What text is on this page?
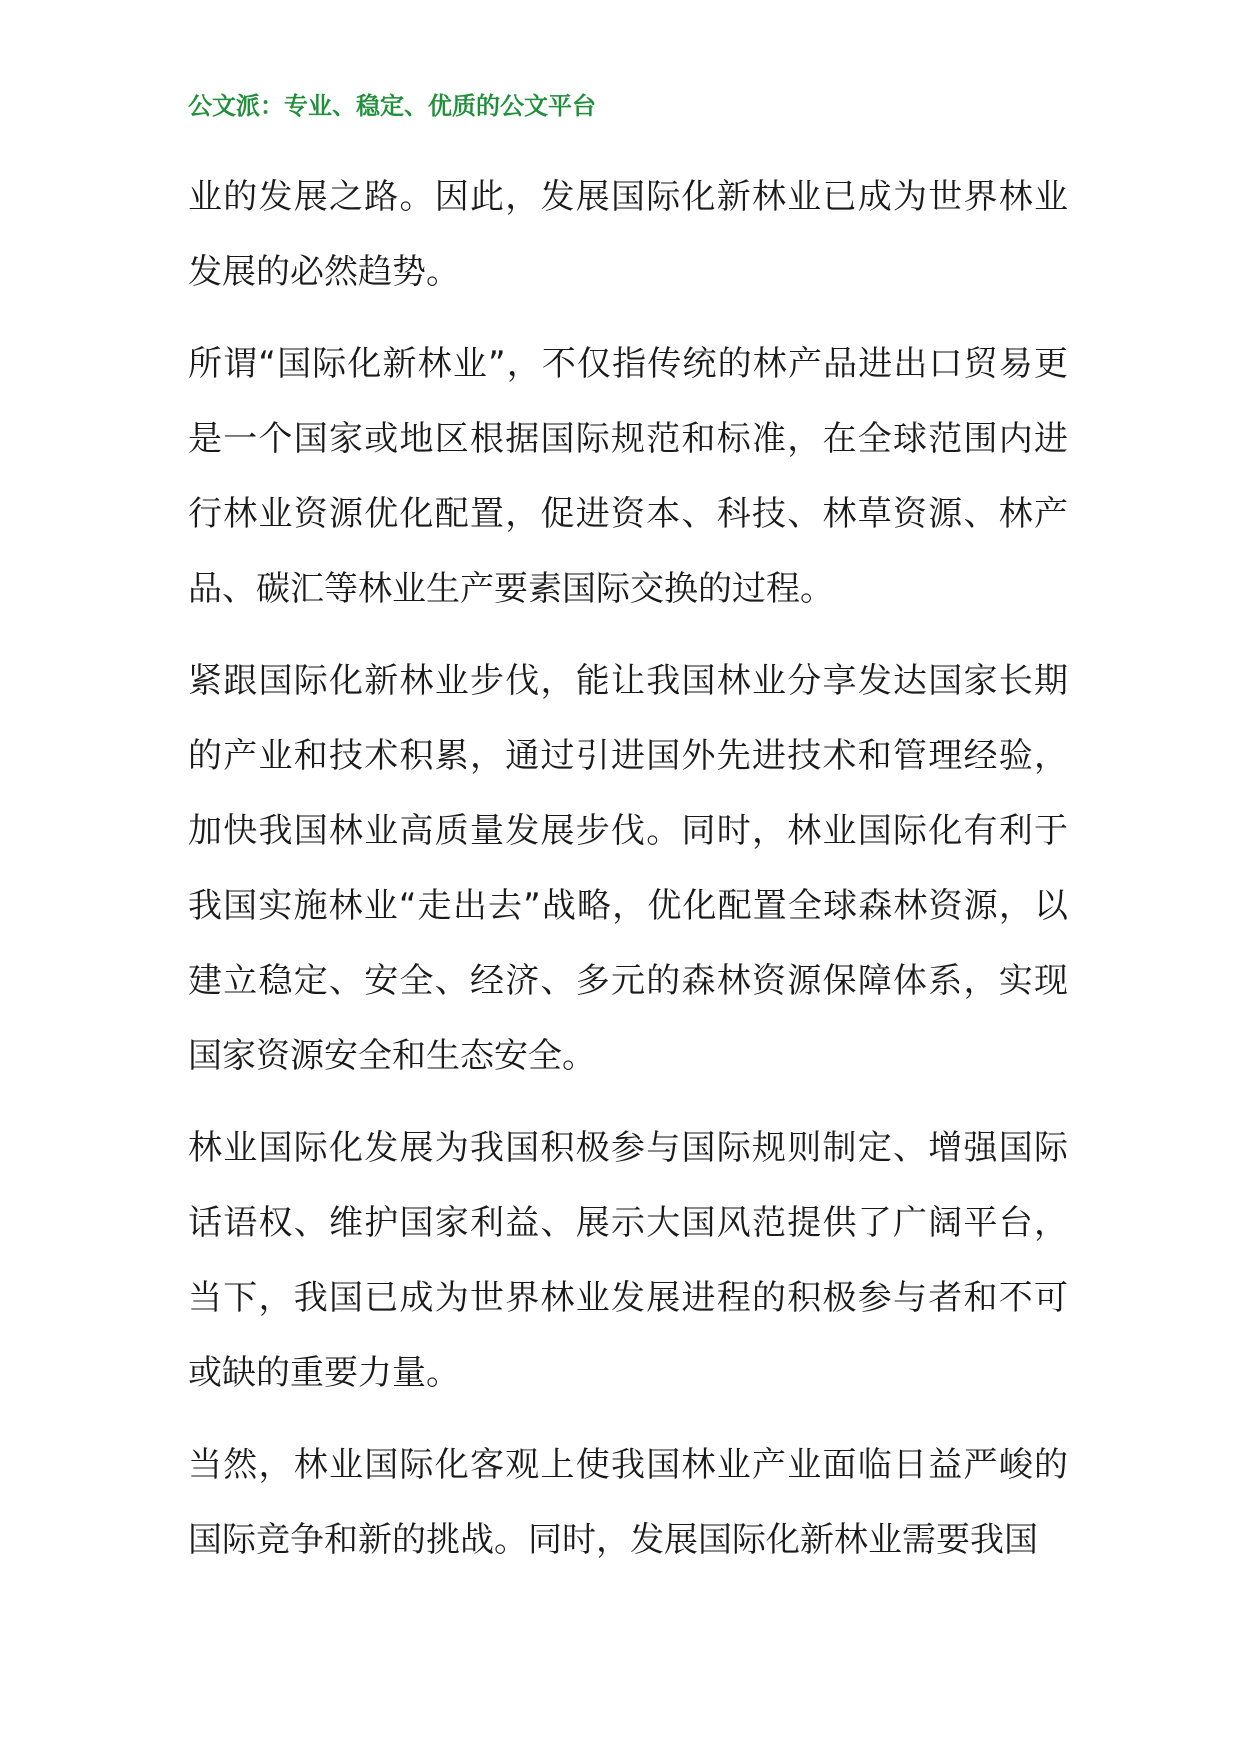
公文派：专业、稳定、优质的公文平台

业的发展之路。因此，发展国际化新林业已成为世界林业发展的必然趋势。

所谓“国际化新林业”，不仅指传统的林产品进出口贸易更是一个国家或地区根据国际规范和标准，在全球范围内进行林业资源优化配置，促进资本、科技、林草资源、林产品、碳汇等林业生产要素国际交换的过程。

紧跟国际化新林业步伐，能让我国林业分享发达国家长期的产业和技术积累，通过引进国外先进技术和管理经验，加快我国林业高质量发展步伐。同时，林业国际化有利于我国实施林业“走出去”战略，优化配置全球森林资源，以建立稳定、安全、经济、多元的森林资源保障体系，实现国家资源安全和生态安全。

林业国际化发展为我国积极参与国际规则制定、增强国际话语权、维护国家利益、展示大国风范提供了广阔平台，当下，我国已成为世界林业发展进程的积极参与者和不可或缺的重要力量。

当然，林业国际化客观上使我国林业产业面临日益严峻的国际竞争和新的挑战。同时，发展国际化新林业需要我国
